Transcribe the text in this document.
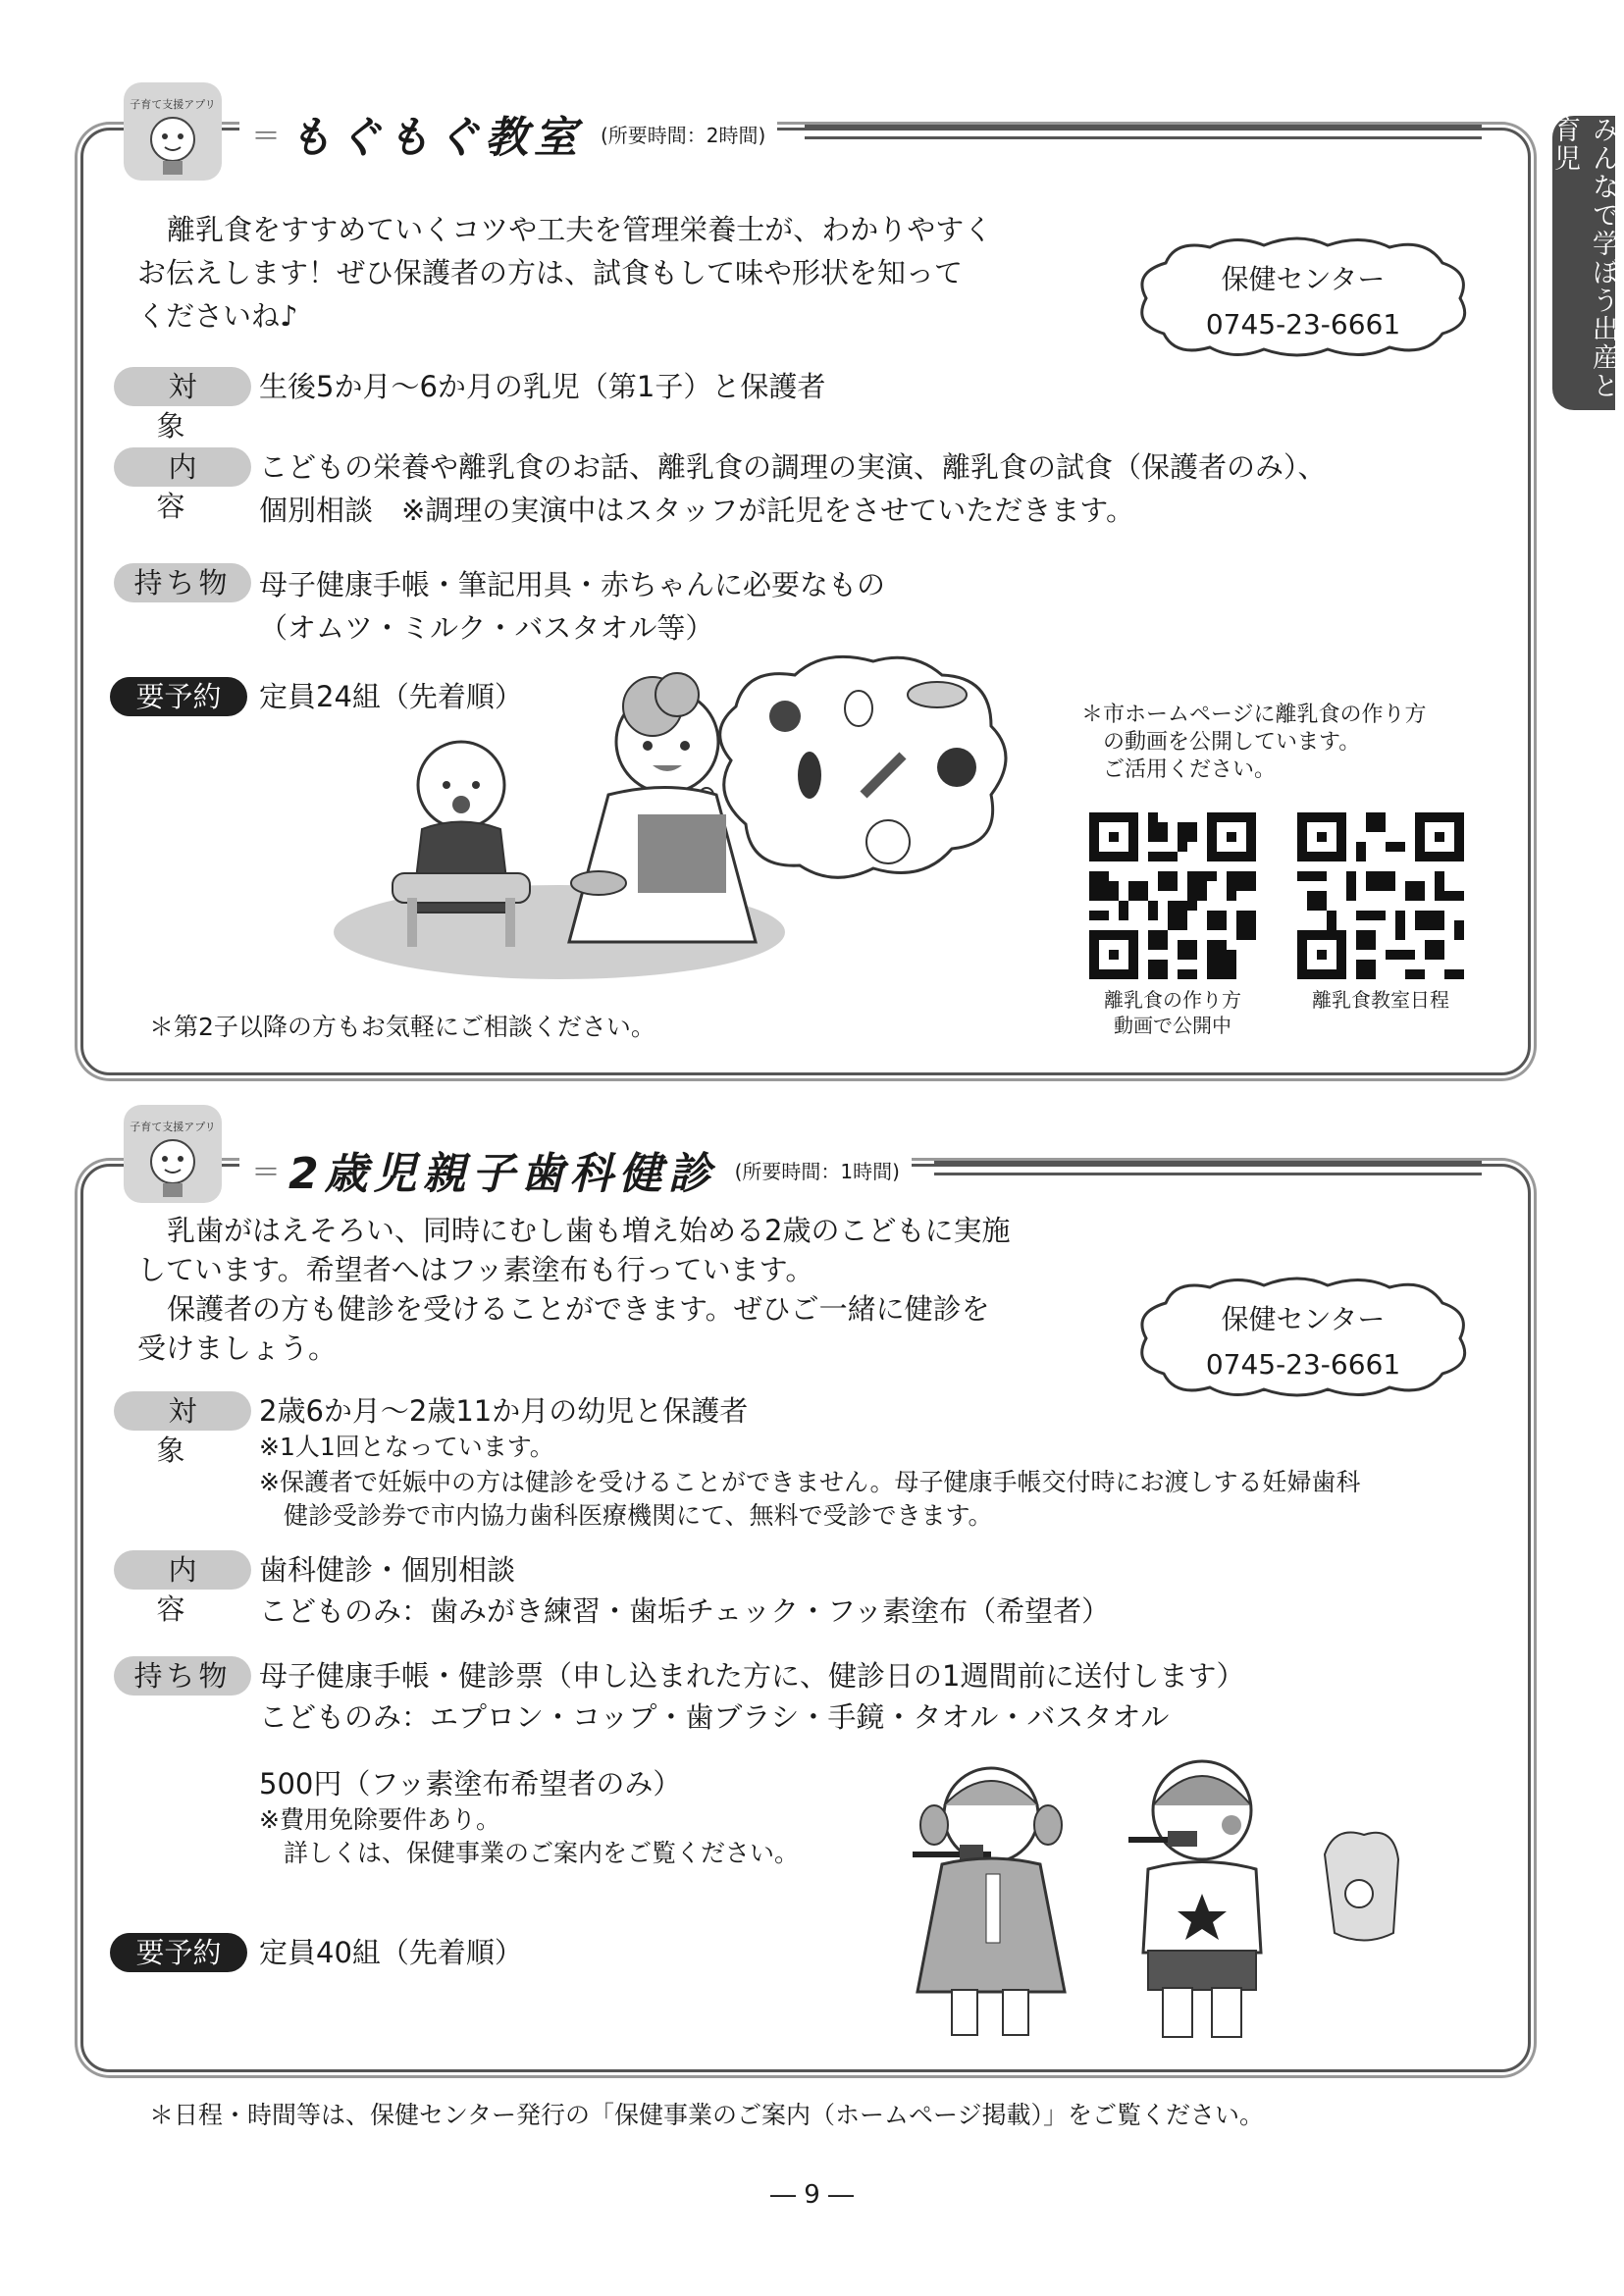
みんなで学ぼう出産と育児
子育て支援アプリ
＝ もぐもぐ教室 (所要時間：2時間)
離乳食をすすめていくコツや工夫を管理栄養士が、わかりやすく
お伝えします！ぜひ保護者の方は、試食もして味や形状を知って
くださいね♪
保健センター
0745-23-6661
対　象
生後5か月～6か月の乳児（第1子）と保護者
内　容
こどもの栄養や離乳食のお話、離乳食の調理の実演、離乳食の試食（保護者のみ）、
個別相談　※調理の実演中はスタッフが託児をさせていただきます。
持ち物 母子健康手帳・筆記用具・赤ちゃんに必要なもの
（オムツ・ミルク・バスタオル等）
要予約	定員24組（先着順）
＊市ホームページに離乳食の作り方
　の動画を公開しています。
　ご活用ください。
離乳食の作り方
動画で公開中
離乳食教室日程
＊第2子以降の方もお気軽にご相談ください。
子育て支援アプリ
＝ 2歳児親子歯科健診 (所要時間：1時間)
乳歯がはえそろい、同時にむし歯も増え始める2歳のこどもに実施
しています。希望者へはフッ素塗布も行っています。
保護者の方も健診を受けることができます。ぜひご一緒に健診を
受けましょう。
保健センター
0745-23-6661
対　象
2歳6か月～2歳11か月の幼児と保護者
※1人1回となっています。
※保護者で妊娠中の方は健診を受けることができません。母子健康手帳交付時にお渡しする妊婦歯科
　健診受診券で市内協力歯科医療機関にて、無料で受診できます。
内　容
歯科健診・個別相談
こどものみ：歯みがき練習・歯垢チェック・フッ素塗布（希望者）
持ち物 母子健康手帳・健診票（申し込まれた方に、健診日の1週間前に送付します）
こどものみ：エプロン・コップ・歯ブラシ・手鏡・タオル・バスタオル
500円（フッ素塗布希望者のみ）
※費用免除要件あり。
　詳しくは、保健事業のご案内をご覧ください。
要予約	定員40組（先着順）
＊日程・時間等は、保健センター発行の「保健事業のご案内（ホームページ掲載）」をご覧ください。
― 9 ―
